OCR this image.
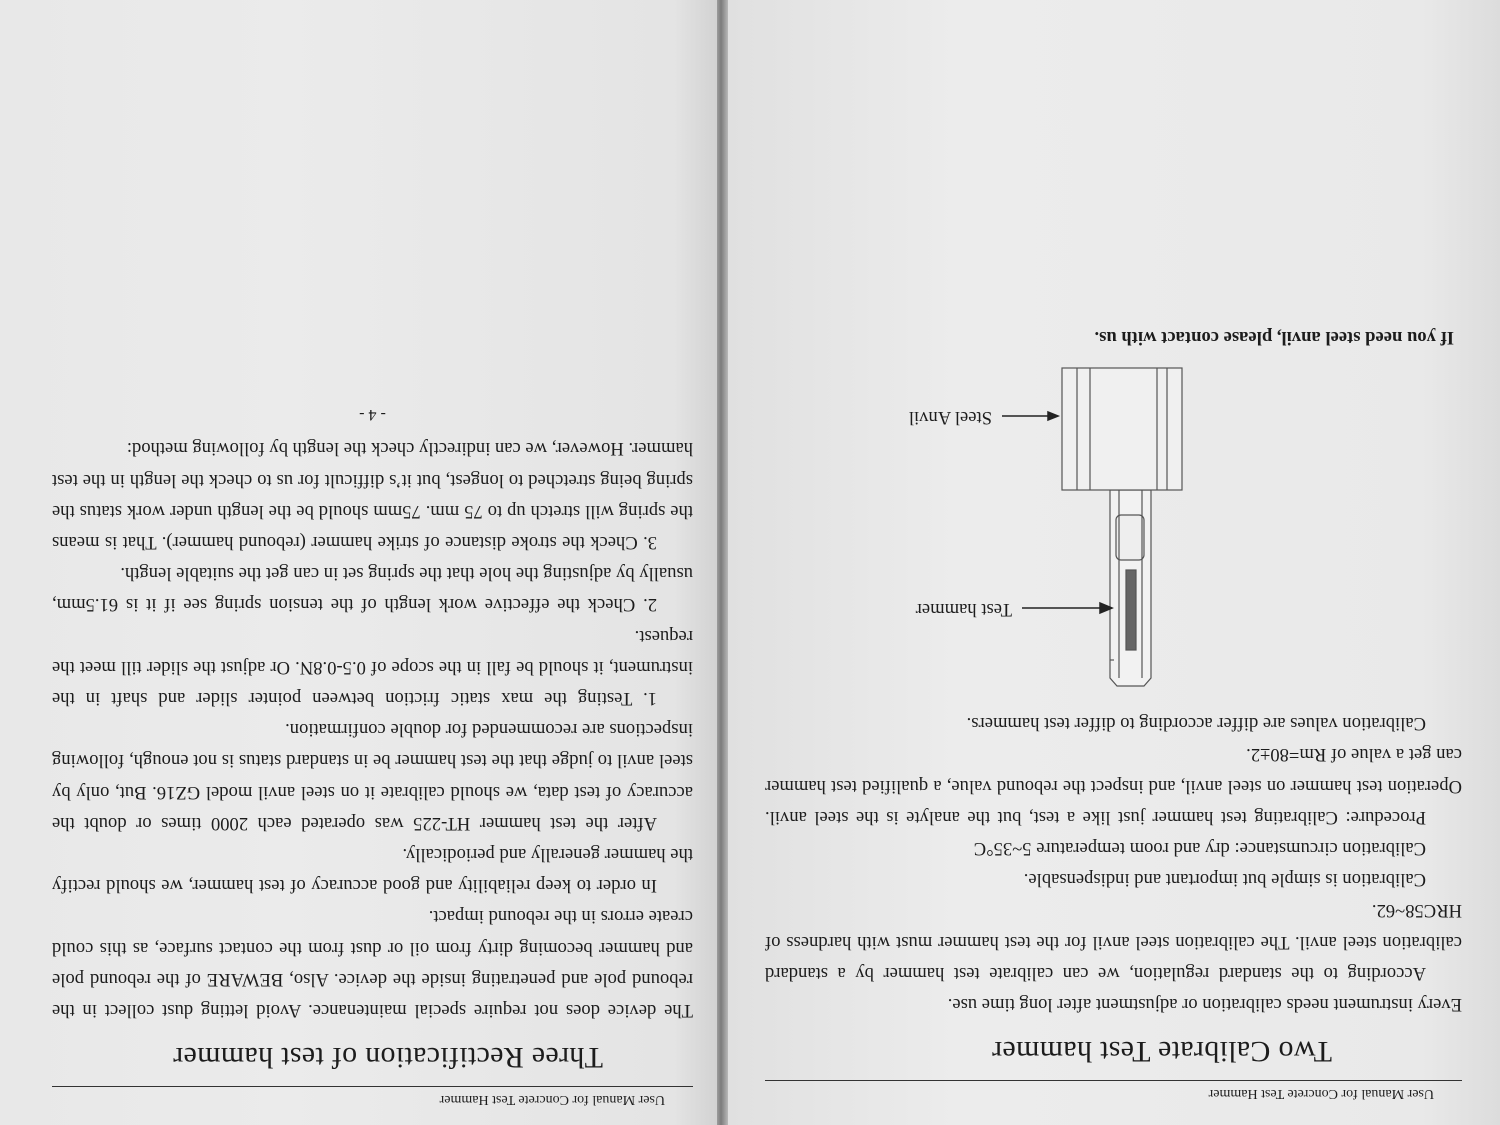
User Manual for Concrete Test Hammer
Two Calibrate Test hammer

Every instrument needs calibration or adjustment after long time use.

According to the standard regulation, we can calibrate test hammer by a standard calibration steel anvil. The calibration steel anvil for the test hammer must with hardness of HRC58~62.

Calibration is simple but important and indispensable.

Calibration circumstance: dry and room temperature 5~35°C

Procedure: Calibrating test hammer just like a test, but the analyte is the steel anvil. Operation test hammer on steel anvil, and inspect the rebound value, a qualified test hammer can get a value of Rm=80±2.

Calibration values are differ according to differ test hammers.

Test hammer
Steel Anvil
If you need steel anvil, please contact with us.
User Manual for Concrete Test Hammer
Three Rectification of test hammer

The device does not require special maintenance. Avoid letting dust collect in the rebound pole and penetrating inside the device. Also, BEWARE of the rebound pole and hammer becoming dirty from oil or dust from the contact surface, as this could create errors in the rebound impact.

In order to keep reliability and good accuracy of test hammer, we should rectify the hammer generally and periodically.

After the test hammer HT-225 was operated each 2000 times or doubt the accuracy of test data, we should calibrate it on steel anvil model GZ16. But, only by steel anvil to judge that the test hammer be in standard status is not enough, following inspections are recommended for double confirmation.

1. Testing the max static friction between pointer slider and shaft in the instrument, it should be fall in the scope of 0.5-0.8N. Or adjust the slider till meet the request.

2. Check the effective work length of the tension spring see if it is 61.5mm, usually by adjusting the hole that the spring set in can get the suitable length.

3. Check the stroke distance of strike hammer (rebound hammer). That is means the spring will stretch up to 75 mm. 75mm should be the length under work status the spring being stretched to longest, but it’s difficult for us to check the length in the test hammer. However, we can indirectly check the length by following method:

- 4 -
